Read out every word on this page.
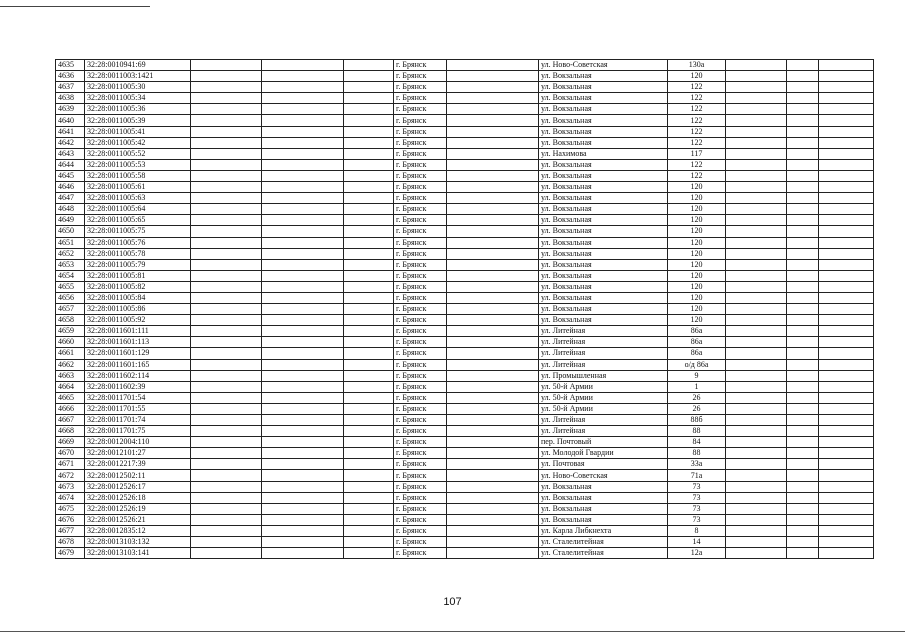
4635	32:28:0010941:69				г. Брянск		ул. Ново-Советская	130а			
4636	32:28:0011003:1421				г. Брянск		ул. Вокзальная	120			
4637	32:28:0011005:30				г. Брянск		ул. Вокзальная	122			
4638	32:28:0011005:34				г. Брянск		ул. Вокзальная	122			
4639	32:28:0011005:36				г. Брянск		ул. Вокзальная	122			
4640	32:28:0011005:39				г. Брянск		ул. Вокзальная	122			
4641	32:28:0011005:41				г. Брянск		ул. Вокзальная	122			
4642	32:28:0011005:42				г. Брянск		ул. Вокзальная	122			
4643	32:28:0011005:52				г. Брянск		ул. Нахимова	117			
4644	32:28:0011005:53				г. Брянск		ул. Вокзальная	122			
4645	32:28:0011005:58				г. Брянск		ул. Вокзальная	122			
4646	32:28:0011005:61				г. Брянск		ул. Вокзальная	120			
4647	32:28:0011005:63				г. Брянск		ул. Вокзальная	120			
4648	32:28:0011005:64				г. Брянск		ул. Вокзальная	120			
4649	32:28:0011005:65				г. Брянск		ул. Вокзальная	120			
4650	32:28:0011005:75				г. Брянск		ул. Вокзальная	120			
4651	32:28:0011005:76				г. Брянск		ул. Вокзальная	120			
4652	32:28:0011005:78				г. Брянск		ул. Вокзальная	120			
4653	32:28:0011005:79				г. Брянск		ул. Вокзальная	120			
4654	32:28:0011005:81				г. Брянск		ул. Вокзальная	120			
4655	32:28:0011005:82				г. Брянск		ул. Вокзальная	120			
4656	32:28:0011005:84				г. Брянск		ул. Вокзальная	120			
4657	32:28:0011005:86				г. Брянск		ул. Вокзальная	120			
4658	32:28:0011005:92				г. Брянск		ул. Вокзальная	120			
4659	32:28:0011601:111				г. Брянск		ул. Литейная	86а			
4660	32:28:0011601:113				г. Брянск		ул. Литейная	86а			
4661	32:28:0011601:129				г. Брянск		ул. Литейная	86а			
4662	32:28:0011601:165				г. Брянск		ул. Литейная	о/д 86а			
4663	32:28:0011602:114				г. Брянск		ул. Промышленная	9			
4664	32:28:0011602:39				г. Брянск		ул. 50-й Армии	1			
4665	32:28:0011701:54				г. Брянск		ул. 50-й Армии	26			
4666	32:28:0011701:55				г. Брянск		ул. 50-й Армии	26			
4667	32:28:0011701:74				г. Брянск		ул. Литейная	88б			
4668	32:28:0011701:75				г. Брянск		ул. Литейная	88			
4669	32:28:0012004:110				г. Брянск		пер. Почтовый	84			
4670	32:28:0012101:27				г. Брянск		ул. Молодой Гвардии	88			
4671	32:28:0012217:39				г. Брянск		ул. Почтовая	33а			
4672	32:28:0012502:11				г. Брянск		ул. Ново-Советская	71а			
4673	32:28:0012526:17				г. Брянск		ул. Вокзальная	73			
4674	32:28:0012526:18				г. Брянск		ул. Вокзальная	73			
4675	32:28:0012526:19				г. Брянск		ул. Вокзальная	73			
4676	32:28:0012526:21				г. Брянск		ул. Вокзальная	73			
4677	32:28:0012835:12				г. Брянск		ул. Карла Либкнехта	8			
4678	32:28:0013103:132				г. Брянск		ул. Сталелитейная	14			
4679	32:28:0013103:141				г. Брянск		ул. Сталелитейная	12а			
107
